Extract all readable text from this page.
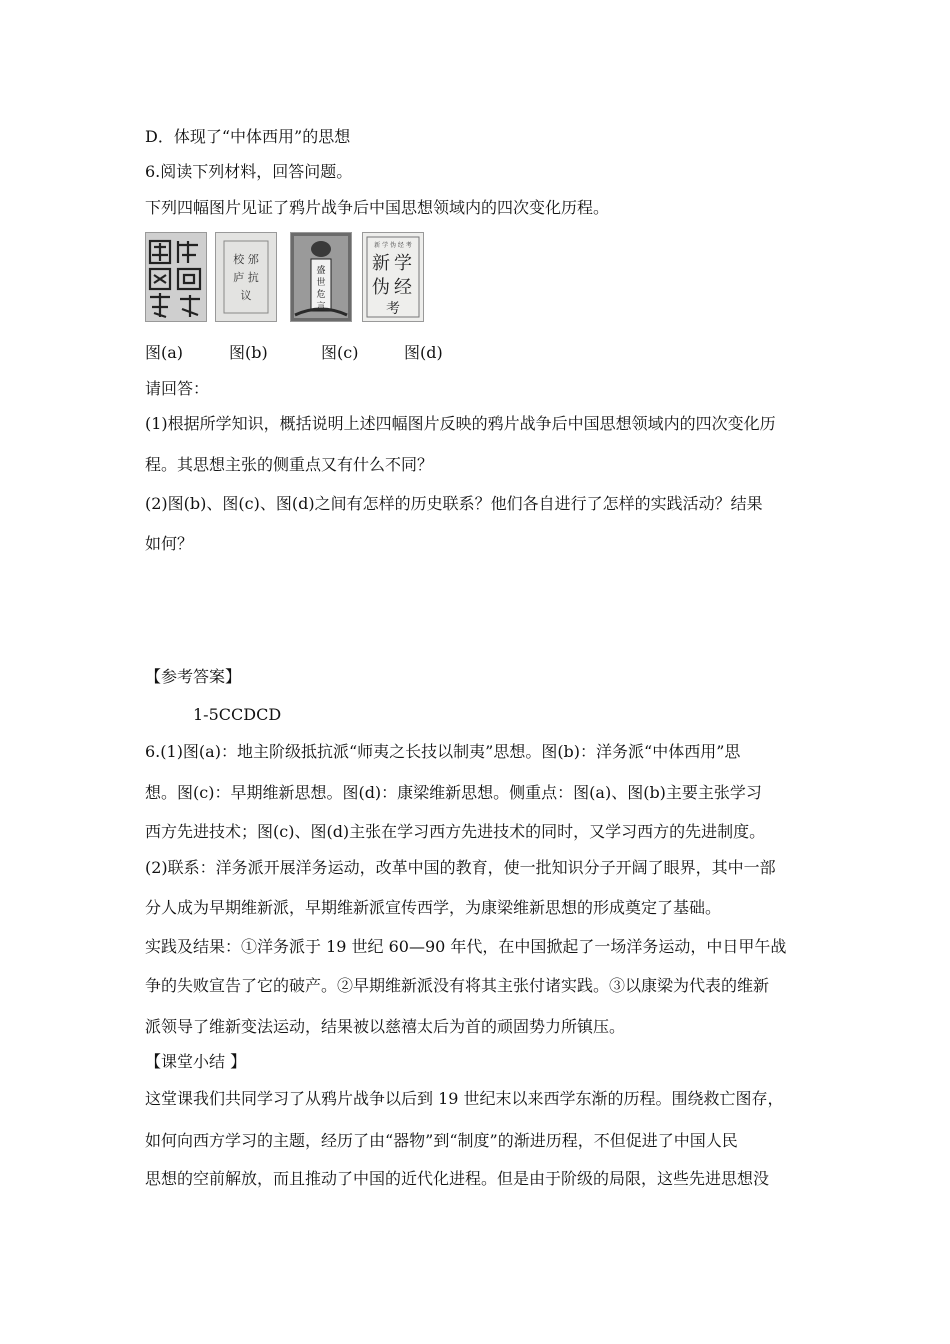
D．体现了“中体西用”的思想
6.阅读下列材料，回答问题。
下列四幅图片见证了鸦片战争后中国思想领域内的四次变化历程。
校 邠
庐 抗
议
盛
世
危
言
新 学 伪 经 考
新 学
伪 经
考
图(a)	图(b)	图(c)	图(d)
请回答：
(1)根据所学知识，概括说明上述四幅图片反映的鸦片战争后中国思想领域内的四次变化历
程。其思想主张的侧重点又有什么不同？
(2)图(b)、图(c)、图(d)之间有怎样的历史联系？他们各自进行了怎样的实践活动？结果
如何？
【参考答案】
1-5CCDCD
6.(1)图(a)：地主阶级抵抗派“师夷之长技以制夷”思想。图(b)：洋务派“中体西用”思
想。图(c)：早期维新思想。图(d)：康梁维新思想。侧重点：图(a)、图(b)主要主张学习
西方先进技术；图(c)、图(d)主张在学习西方先进技术的同时，又学习西方的先进制度。
(2)联系：洋务派开展洋务运动，改革中国的教育，使一批知识分子开阔了眼界，其中一部
分人成为早期维新派，早期维新派宣传西学，为康梁维新思想的形成奠定了基础。
实践及结果：①洋务派于 19 世纪 60—90 年代，在中国掀起了一场洋务运动，中日甲午战
争的失败宣告了它的破产。②早期维新派没有将其主张付诸实践。③以康梁为代表的维新
派领导了维新变法运动，结果被以慈禧太后为首的顽固势力所镇压。
【课堂小结 】
这堂课我们共同学习了从鸦片战争以后到 19 世纪末以来西学东渐的历程。围绕救亡图存，
如何向西方学习的主题，经历了由“器物”到“制度”的渐进历程，不但促进了中国人民
思想的空前解放，而且推动了中国的近代化进程。但是由于阶级的局限，这些先进思想没
